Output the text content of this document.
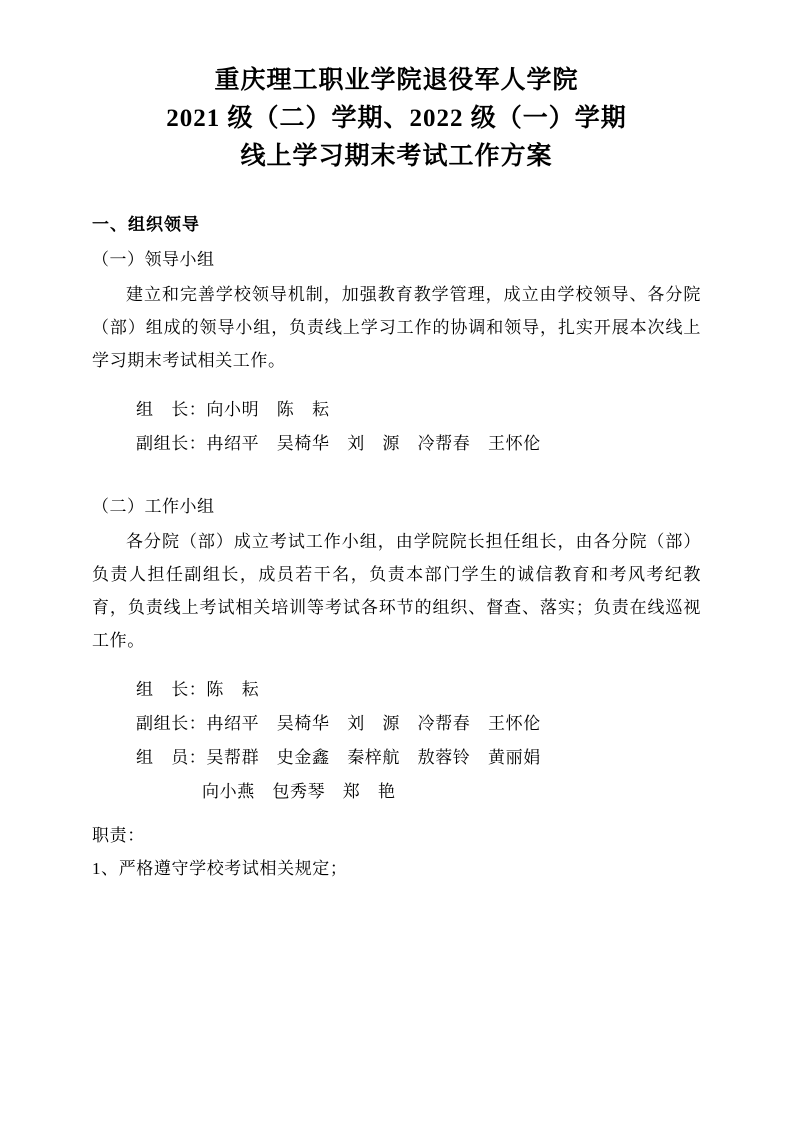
重庆理工职业学院退役军人学院
2021 级（二）学期、2022 级（一）学期
线上学习期末考试工作方案
一、组织领导
（一）领导小组

建立和完善学校领导机制，加强教育教学管理，成立由学校领导、各分院（部）组成的领导小组，负责线上学习工作的协调和领导，扎实开展本次线上学习期末考试相关工作。

组　长：向小明　陈　耘
副组长：冉绍平　吴椅华　刘　源　冷帮春　王怀伦
（二）工作小组

各分院（部）成立考试工作小组，由学院院长担任组长，由各分院（部）负责人担任副组长，成员若干名，负责本部门学生的诚信教育和考风考纪教育，负责线上考试相关培训等考试各环节的组织、督查、落实；负责在线巡视工作。

组　长：陈　耘
副组长：冉绍平　吴椅华　刘　源　冷帮春　王怀伦
组　员：吴帮群　史金鑫　秦梓航　敖蓉铃　黄丽娟
向小燕　包秀琴　郑　艳
职责：
1、严格遵守学校考试相关规定；
